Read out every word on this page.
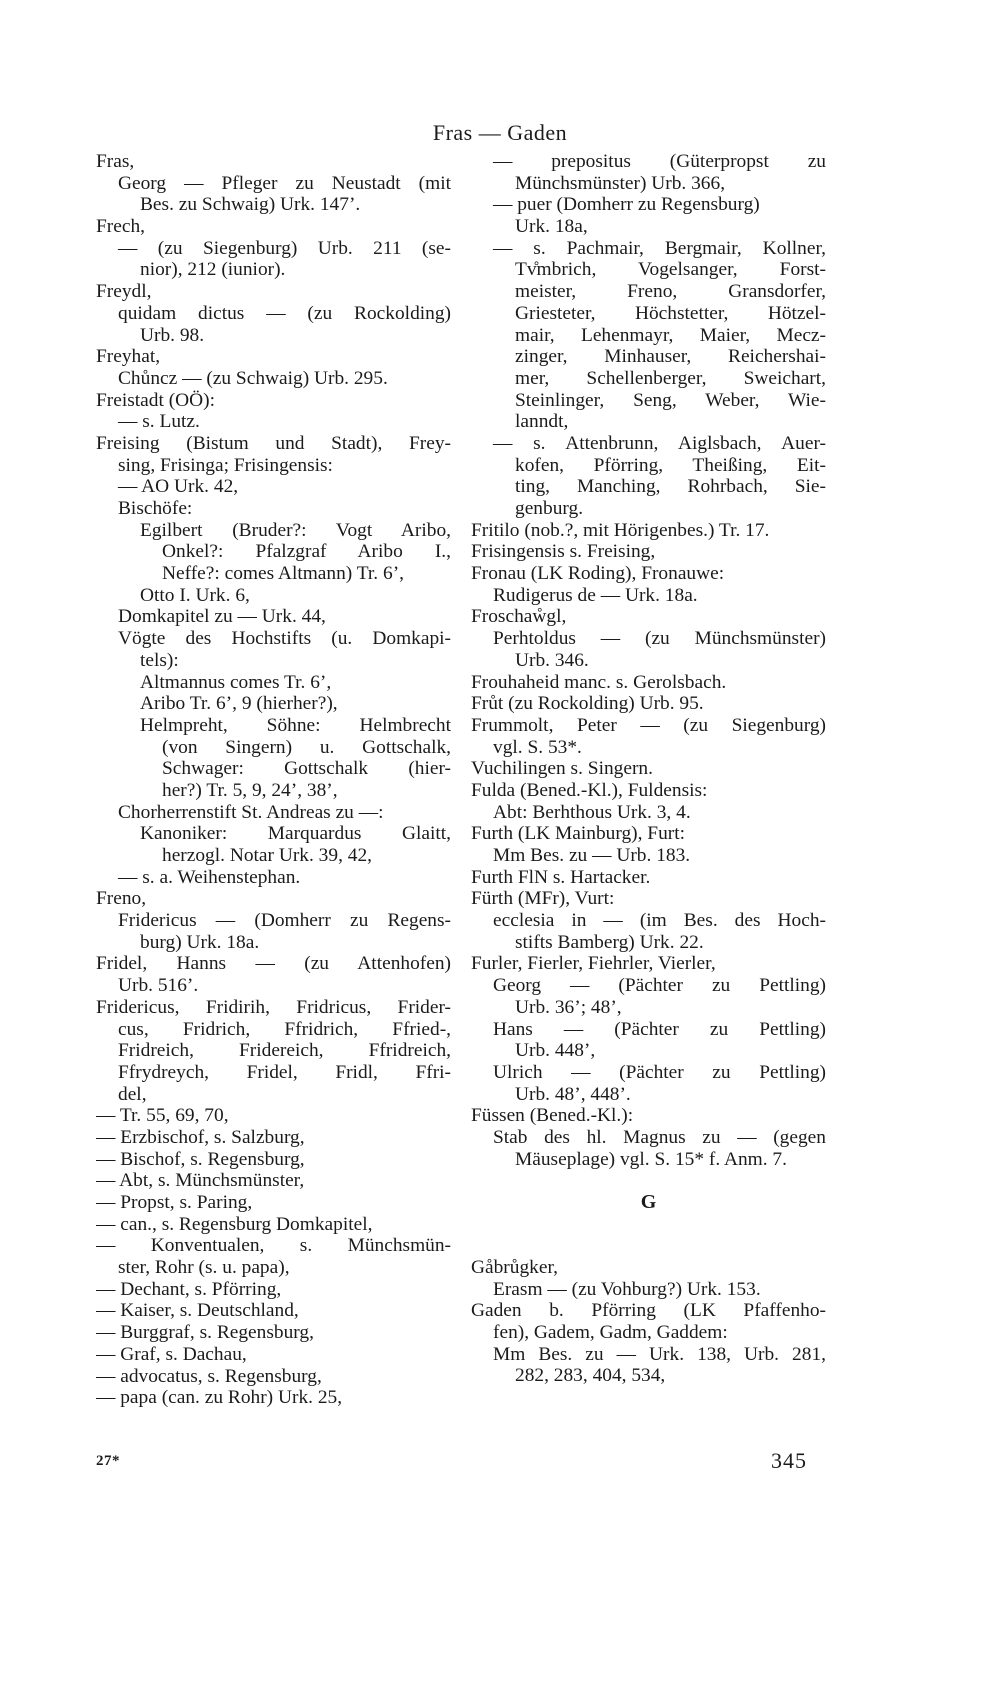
Fras — Gaden
Fras,
Georg — Pfleger zu Neustadt (mit
Bes. zu Schwaig) Urk. 147’.
Frech,
— (zu Siegenburg) Urb. 211 (se-
nior), 212 (iunior).
Freydl,
quidam dictus — (zu Rockolding)
Urb. 98.
Freyhat,
Chůncz — (zu Schwaig) Urb. 295.
Freistadt (OÖ):
— s. Lutz.
Freising (Bistum und Stadt), Frey-
sing, Frisinga; Frisingensis:
— AO Urk. 42,
Bischöfe:
Egilbert (Bruder?: Vogt Aribo,
Onkel?: Pfalzgraf Aribo I.,
Neffe?: comes Altmann) Tr. 6’,
Otto I. Urk. 6,
Domkapitel zu — Urk. 44,
Vögte des Hochstifts (u. Domkapi-
tels):
Altmannus comes Tr. 6’,
Aribo Tr. 6’, 9 (hierher?),
Helmpreht, Söhne: Helmbrecht
(von Singern) u. Gottschalk,
Schwager: Gottschalk (hier-
her?) Tr. 5, 9, 24’, 38’,
Chorherrenstift St. Andreas zu —:
Kanoniker: Marquardus Glaitt,
herzogl. Notar Urk. 39, 42,
— s. a. Weihenstephan.
Freno,
Fridericus — (Domherr zu Regens-
burg) Urk. 18a.
Fridel, Hanns — (zu Attenhofen)
Urb. 516’.
Fridericus, Fridirih, Fridricus, Frider-
cus, Fridrich, Ffridrich, Ffried-,
Fridreich, Fridereich, Ffridreich,
Ffrydreych, Fridel, Fridl, Ffri-
del,
— Tr. 55, 69, 70,
— Erzbischof, s. Salzburg,
— Bischof, s. Regensburg,
— Abt, s. Münchsmünster,
— Propst, s. Paring,
— can., s. Regensburg Domkapitel,
— Konventualen, s. Münchsmün-
ster, Rohr (s. u. papa),
— Dechant, s. Pförring,
— Kaiser, s. Deutschland,
— Burggraf, s. Regensburg,
— Graf, s. Dachau,
— advocatus, s. Regensburg,
— papa (can. zu Rohr) Urk. 25,
— prepositus (Güterpropst zu
Münchsmünster) Urb. 366,
— puer (Domherr zu Regensburg)
Urk. 18a,
— s. Pachmair, Bergmair, Kollner,
Tv̊mbrich, Vogelsanger, Forst-
meister, Freno, Gransdorfer,
Griesteter, Höchstetter, Hötzel-
mair, Lehenmayr, Maier, Mecz-
zinger, Minhauser, Reichershai-
mer, Schellenberger, Sweichart,
Steinlinger, Seng, Weber, Wie-
lanndt,
— s. Attenbrunn, Aiglsbach, Auer-
kofen, Pförring, Theißing, Eit-
ting, Manching, Rohrbach, Sie-
genburg.
Fritilo (nob.?, mit Hörigenbes.) Tr. 17.
Frisingensis s. Freising,
Fronau (LK Roding), Fronauwe:
Rudigerus de — Urk. 18a.
Froschaẘgl,
Perhtoldus — (zu Münchsmünster)
Urb. 346.
Frouhaheid manc. s. Gerolsbach.
Frůt (zu Rockolding) Urb. 95.
Frummolt, Peter — (zu Siegenburg)
vgl. S. 53*.
Vuchilingen s. Singern.
Fulda (Bened.-Kl.), Fuldensis:
Abt: Berhthous Urk. 3, 4.
Furth (LK Mainburg), Furt:
Mm Bes. zu — Urb. 183.
Furth FlN s. Hartacker.
Fürth (MFr), Vurt:
ecclesia in — (im Bes. des Hoch-
stifts Bamberg) Urk. 22.
Furler, Fierler, Fiehrler, Vierler,
Georg — (Pächter zu Pettling)
Urb. 36’; 48’,
Hans — (Pächter zu Pettling)
Urb. 448’,
Ulrich — (Pächter zu Pettling)
Urb. 48’, 448’.
Füssen (Bened.-Kl.):
Stab des hl. Magnus zu — (gegen
Mäuseplage) vgl. S. 15* f. Anm. 7.
G
Gåbrůgker,
Erasm — (zu Vohburg?) Urk. 153.
Gaden b. Pförring (LK Pfaffenho-
fen), Gadem, Gadm, Gaddem:
Mm Bes. zu — Urk. 138, Urb. 281,
282, 283, 404, 534,
27*	345
